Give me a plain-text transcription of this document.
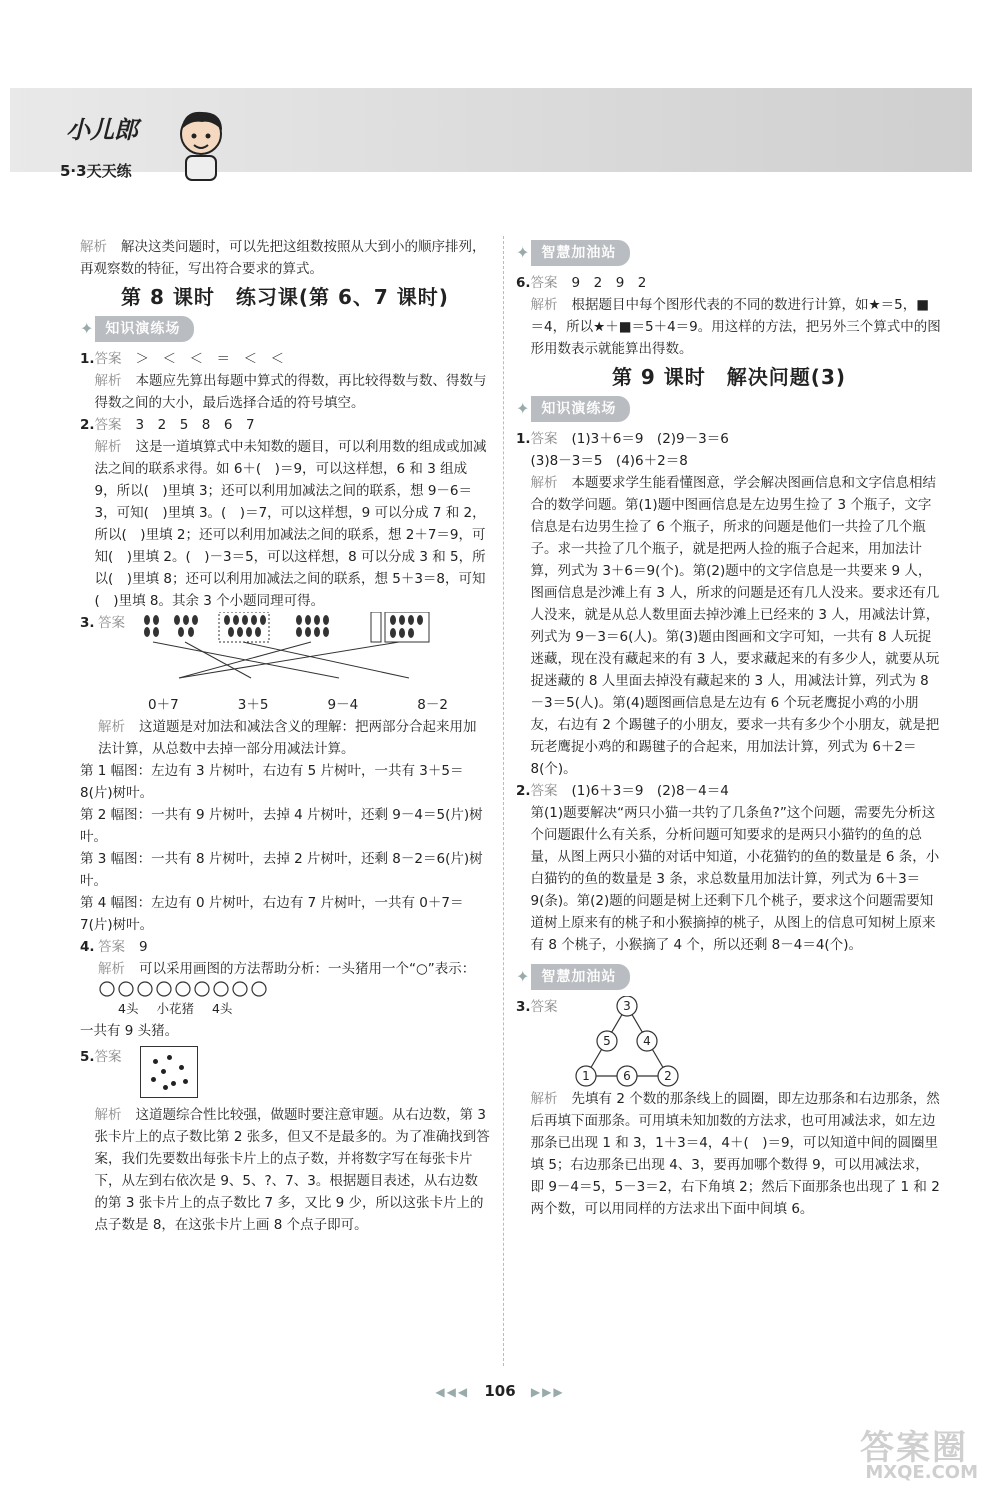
小儿郎
5·3天天练

解析 解决这类问题时，可以先把这组数按照从大到小的顺序排列，再观察数的特征，写出符合要求的算式。

第 8 课时　练习课(第 6、7 课时)
✦ 知识演练场
1. 答案 ＞　＜　＜　＝　＜　＜
解析 本题应先算出每题中算式的得数，再比较得数与数、得数与得数之间的大小，最后选择合适的符号填空。
2. 答案 3　2　5　8　6　7
解析 这是一道填算式中未知数的题目，可以利用数的组成或加减法之间的联系求得。如 6＋(　)＝9，可以这样想，6 和 3 组成 9，所以(　)里填 3；还可以利用加减法之间的联系，想 9－6＝3，可知(　)里填 3。(　)＝7，可以这样想，9 可以分成 7 和 2，所以(　)里填 2；还可以利用加减法之间的联系，想 2＋7＝9，可知(　)里填 2。(　)－3＝5，可以这样想，8 可以分成 3 和 5，所以(　)里填 8；还可以利用加减法之间的联系，想 5＋3＝8，可知(　)里填 8。其余 3 个小题同理可得。
3. 答案
0＋7	3＋5	9－4	8－2
解析 这道题是对加法和减法含义的理解：把两部分合起来用加法计算，从总数中去掉一部分用减法计算。
第 1 幅图：左边有 3 片树叶，右边有 5 片树叶，一共有 3＋5＝8(片)树叶。
第 2 幅图：一共有 9 片树叶，去掉 4 片树叶，还剩 9－4＝5(片)树叶。
第 3 幅图：一共有 8 片树叶，去掉 2 片树叶，还剩 8－2＝6(片)树叶。
第 4 幅图：左边有 0 片树叶，右边有 7 片树叶，一共有 0＋7＝7(片)树叶。
4. 答案 9
解析 可以采用画图的方法帮助分析：一头猪用一个“○”表示：
4头 小花猪 4头
一共有 9 头猪。
5. 答案
解析 这道题综合性比较强，做题时要注意审题。从右边数，第 3 张卡片上的点子数比第 2 张多，但又不是最多的。为了准确找到答案，我们先要数出每张卡片上的点子数，并将数字写在每张卡片下，从左到右依次是 9、5、?、7、3。根据题目表述，从右边数的第 3 张卡片上的点子数比 7 多，又比 9 少，所以这张卡片上的点子数是 8，在这张卡片上画 8 个点子即可。
✦ 智慧加油站
6. 答案 9　2　9　2
解析 根据题目中每个图形代表的不同的数进行计算，如★＝5，■＝4，所以★＋■＝5＋4＝9。用这样的方法，把另外三个算式中的图形用数表示就能算出得数。
第 9 课时　解决问题(3)
✦ 知识演练场
1. 答案 (1)3＋6＝9　(2)9－3＝6
(3)8－3＝5　(4)6＋2＝8
解析 本题要求学生能看懂图意，学会解决图画信息和文字信息相结合的数学问题。第(1)题中图画信息是左边男生捡了 3 个瓶子，文字信息是右边男生捡了 6 个瓶子，所求的问题是他们一共捡了几个瓶子。求一共捡了几个瓶子，就是把两人捡的瓶子合起来，用加法计算，列式为 3＋6＝9(个)。第(2)题中的文字信息是一共要来 9 人，图画信息是沙滩上有 3 人，所求的问题是还有几人没来。要求还有几人没来，就是从总人数里面去掉沙滩上已经来的 3 人，用减法计算，列式为 9－3＝6(人)。第(3)题由图画和文字可知，一共有 8 人玩捉迷藏，现在没有藏起来的有 3 人，要求藏起来的有多少人，就要从玩捉迷藏的 8 人里面去掉没有藏起来的 3 人，用减法计算，列式为 8－3＝5(人)。第(4)题图画信息是左边有 6 个玩老鹰捉小鸡的小朋友，右边有 2 个踢毽子的小朋友，要求一共有多少个小朋友，就是把玩老鹰捉小鸡的和踢毽子的合起来，用加法计算，列式为 6＋2＝8(个)。
2. 答案 (1)6＋3＝9　(2)8－4＝4
第(1)题要解决“两只小猫一共钓了几条鱼?”这个问题，需要先分析这个问题跟什么有关系，分析问题可知要求的是两只小猫钓的鱼的总量，从图上两只小猫的对话中知道，小花猫钓的鱼的数量是 6 条，小白猫钓的鱼的数量是 3 条，求总数量用加法计算，列式为 6＋3＝9(条)。第(2)题的问题是树上还剩下几个桃子，要求这个问题需要知道树上原来有的桃子和小猴摘掉的桃子，从图上的信息可知树上原来有 8 个桃子，小猴摘了 4 个，所以还剩 8－4＝4(个)。
✦ 智慧加油站
3. 答案	3
5	4
1	6	2
解析 先填有 2 个数的那条线上的圆圈，即左边那条和右边那条，然后再填下面那条。可用填未知加数的方法求，也可用减法求，如左边那条已出现 1 和 3，1＋3＝4，4＋(　)＝9，可以知道中间的圆圈里填 5；右边那条已出现 4、3，要再加哪个数得 9，可以用减法求，即 9－4＝5，5－3＝2，右下角填 2；然后下面那条也出现了 1 和 2 两个数，可以用同样的方法求出下面中间填 6。
◀◀◀ 106 ▶▶▶
答案圈
MXQE.COM
